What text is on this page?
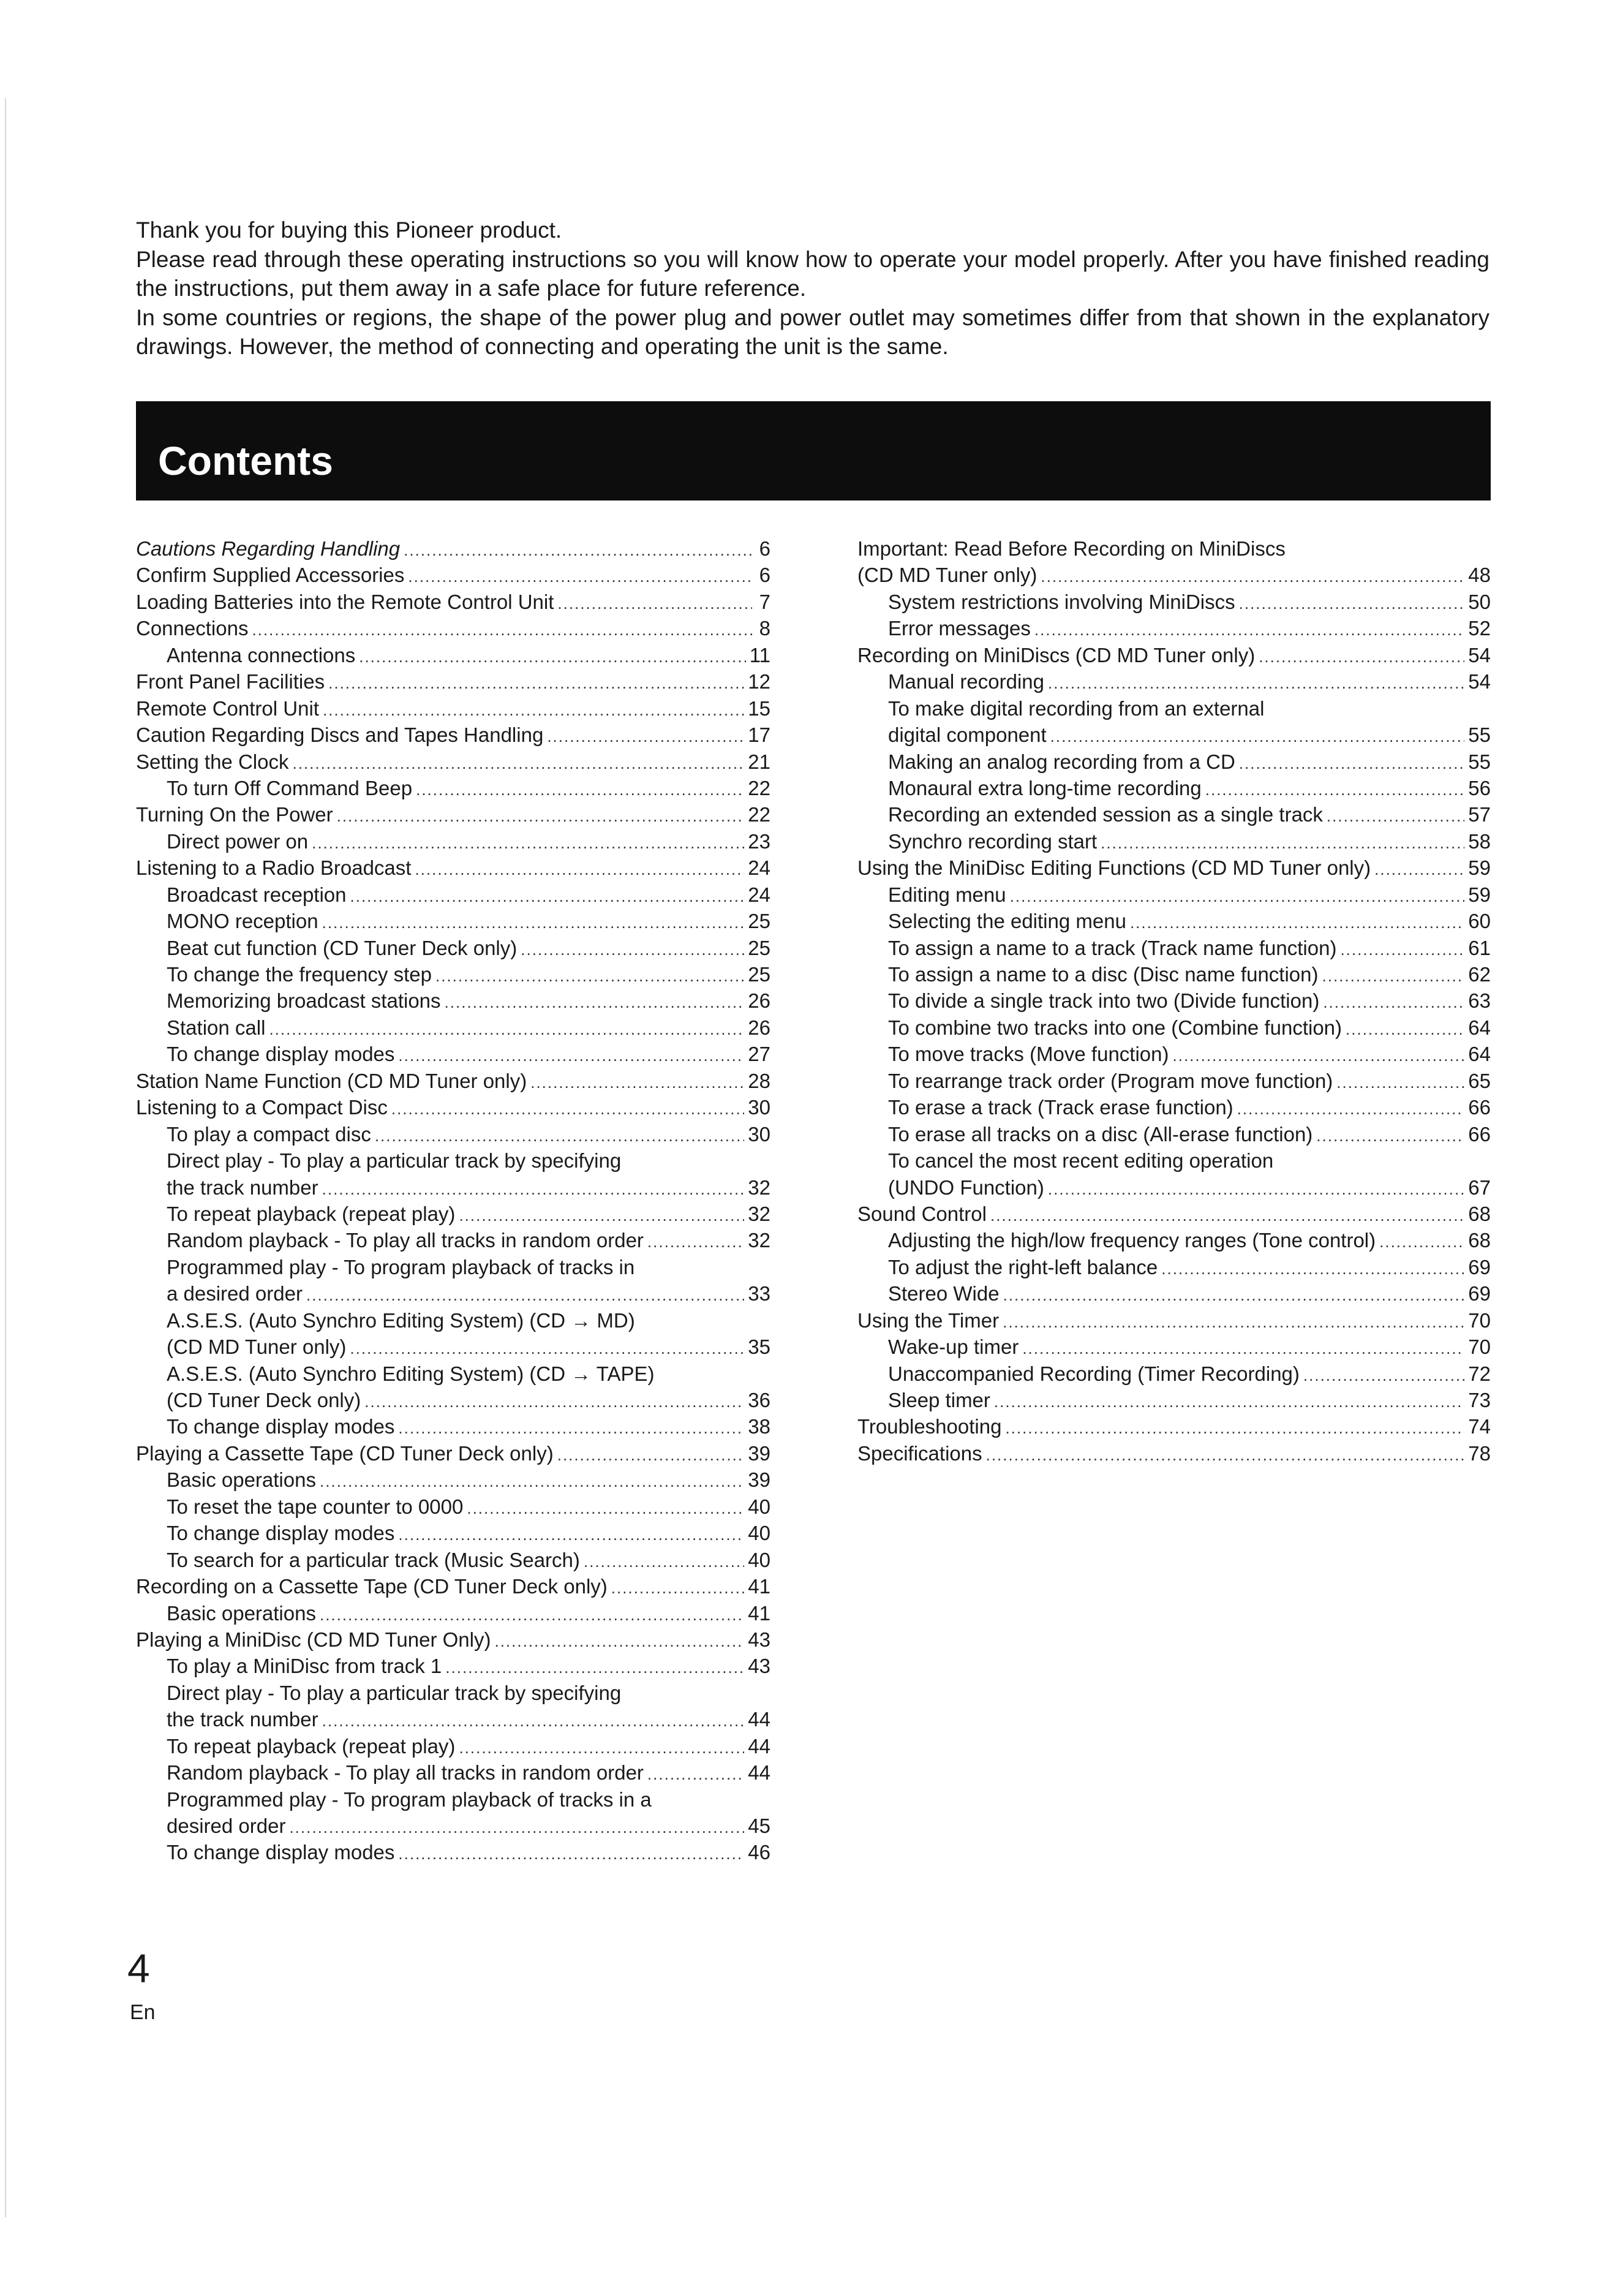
Thank you for buying this Pioneer product.

Please read through these operating instructions so you will know how to operate your model properly. After you have finished reading the instructions, put them away in a safe place for future reference.

In some countries or regions, the shape of the power plug and power outlet may sometimes differ from that shown in the explanatory drawings. However, the method of connecting and operating the unit is the same.

Contents
Cautions Regarding Handling .....	6
Confirm Supplied Accessories .....	6
Loading Batteries into the Remote Control Unit .....	7
Connections .....	8
Antenna connections .....	11
Front Panel Facilities .....	12
Remote Control Unit .....	15
Caution Regarding Discs and Tapes Handling .....	17
Setting the Clock .....	21
To turn Off Command Beep .....	22
Turning On the Power .....	22
Direct power on .....	23
Listening to a Radio Broadcast .....	24
Broadcast reception .....	24
MONO reception .....	25
Beat cut function (CD Tuner Deck only) .....	25
To change the frequency step .....	25
Memorizing broadcast stations .....	26
Station call .....	26
To change display modes .....	27
Station Name Function (CD MD Tuner only) .....	28
Listening to a Compact Disc .....	30
To play a compact disc .....	30
Direct play - To play a particular track by specifying
the track number .....	32
To repeat playback (repeat play) .....	32
Random playback - To play all tracks in random order .....	32
Programmed play - To program playback of tracks in
a desired order .....	33
A.S.E.S. (Auto Synchro Editing System) (CD → MD)
(CD MD Tuner only) .....	35
A.S.E.S. (Auto Synchro Editing System) (CD → TAPE)
(CD Tuner Deck only) .....	36
To change display modes .....	38
Playing a Cassette Tape (CD Tuner Deck only) .....	39
Basic operations .....	39
To reset the tape counter to 0000 .....	40
To change display modes .....	40
To search for a particular track (Music Search) .....	40
Recording on a Cassette Tape (CD Tuner Deck only) .....	41
Basic operations .....	41
Playing a MiniDisc (CD MD Tuner Only) .....	43
To play a MiniDisc from track 1 .....	43
Direct play - To play a particular track by specifying
the track number .....	44
To repeat playback (repeat play) .....	44
Random playback - To play all tracks in random order .....	44
Programmed play - To program playback of tracks in a
desired order .....	45
To change display modes .....	46
Important: Read Before Recording on MiniDiscs
(CD MD Tuner only) .....	48
System restrictions involving MiniDiscs .....	50
Error messages .....	52
Recording on MiniDiscs (CD MD Tuner only) .....	54
Manual recording .....	54
To make digital recording from an external
digital component .....	55
Making an analog recording from a CD .....	55
Monaural extra long-time recording .....	56
Recording an extended session as a single track .....	57
Synchro recording start .....	58
Using the MiniDisc Editing Functions (CD MD Tuner only) .....	59
Editing menu .....	59
Selecting the editing menu .....	60
To assign a name to a track (Track name function) .....	61
To assign a name to a disc (Disc name function) .....	62
To divide a single track into two (Divide function) .....	63
To combine two tracks into one (Combine function) .....	64
To move tracks (Move function) .....	64
To rearrange track order (Program move function) .....	65
To erase a track (Track erase function) .....	66
To erase all tracks on a disc (All-erase function) .....	66
To cancel the most recent editing operation
(UNDO Function) .....	67
Sound Control .....	68
Adjusting the high/low frequency ranges (Tone control) .....	68
To adjust the right-left balance .....	69
Stereo Wide .....	69
Using the Timer .....	70
Wake-up timer .....	70
Unaccompanied Recording (Timer Recording) .....	72
Sleep timer .....	73
Troubleshooting .....	74
Specifications .....	78
4
En
